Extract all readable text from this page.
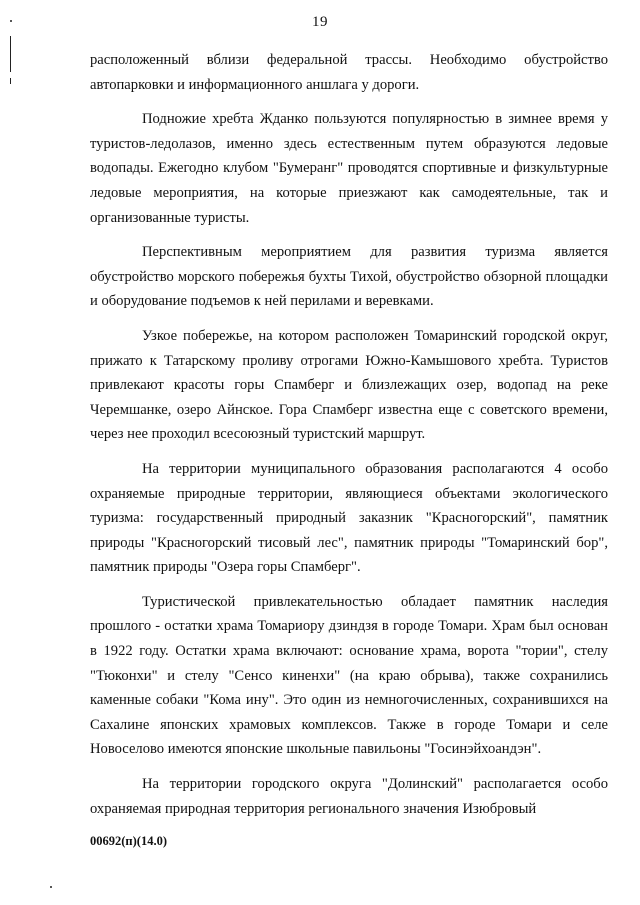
19

расположенный вблизи федеральной трассы. Необходимо обустройство автопарковки и информационного аншлага у дороги.

Подножие хребта Жданко пользуются популярностью в зимнее время у туристов-ледолазов, именно здесь естественным путем образуются ледовые водопады. Ежегодно клубом "Бумеранг" проводятся спортивные и физкультурные ледовые мероприятия, на которые приезжают как самодеятельные, так и организованные туристы.

Перспективным мероприятием для развития туризма является обустройство морского побережья бухты Тихой, обустройство обзорной площадки и оборудование подъемов к ней перилами и веревками.

Узкое побережье, на котором расположен Томаринский городской округ, прижато к Татарскому проливу отрогами Южно-Камышового хребта. Туристов привлекают красоты горы Спамберг и близлежащих озер, водопад на реке Черемшанке, озеро Айнское. Гора Спамберг известна еще с советского времени, через нее проходил всесоюзный туристский маршрут.

На территории муниципального образования располагаются 4 особо охраняемые природные территории, являющиеся объектами экологического туризма: государственный природный заказник "Красногорский", памятник природы "Красногорский тисовый лес", памятник природы "Томаринский бор", памятник природы "Озера горы Спамберг".

Туристической привлекательностью обладает памятник наследия прошлого - остатки храма Томариору дзиндзя в городе Томари. Храм был основан в 1922 году. Остатки храма включают: основание храма, ворота "тории", стелу "Тюконхи" и стелу "Сенсо киненхи" (на краю обрыва), также сохранились каменные собаки "Кома ину". Это один из немногочисленных, сохранившихся на Сахалине японских храмовых комплексов. Также в городе Томари и селе Новоселово имеются японские школьные павильоны "Госинэйхоандэн".

На территории городского округа "Долинский" располагается особо охраняемая природная территория регионального значения Изюбровый

00692(п)(14.0)
